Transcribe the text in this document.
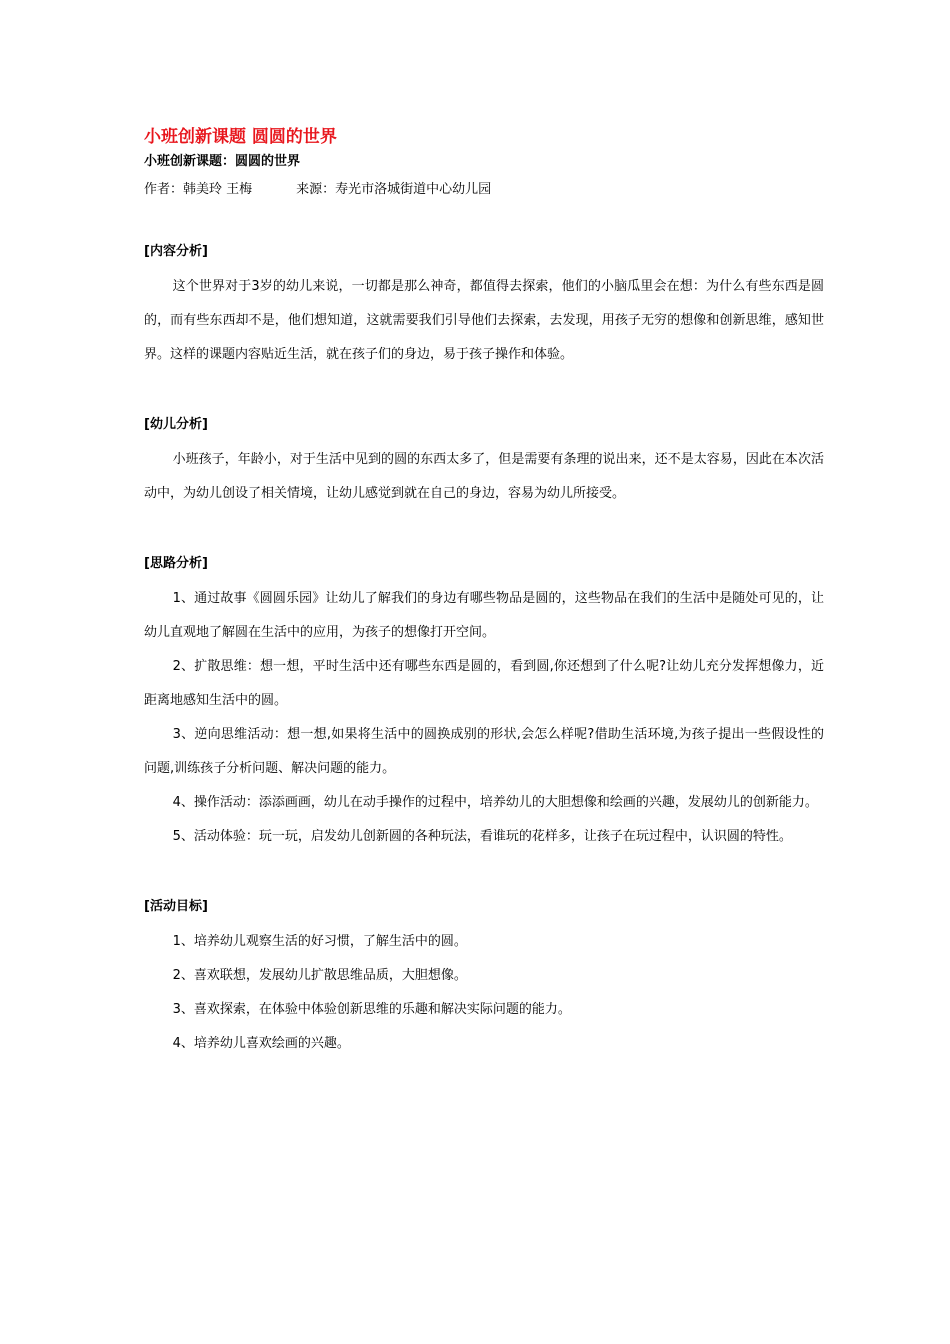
小班创新课题 圆圆的世界
小班创新课题：圆圆的世界
作者：韩美玲 王梅	来源：寿光市洛城街道中心幼儿园
[内容分析]
这个世界对于3岁的幼儿来说，一切都是那么神奇，都值得去探索，他们的小脑瓜里会在想：为什么有些东西是圆的，而有些东西却不是，他们想知道，这就需要我们引导他们去探索，去发现，用孩子无穷的想像和创新思维，感知世界。这样的课题内容贴近生活，就在孩子们的身边，易于孩子操作和体验。
[幼儿分析]
小班孩子，年龄小，对于生活中见到的圆的东西太多了，但是需要有条理的说出来，还不是太容易，因此在本次活动中，为幼儿创设了相关情境，让幼儿感觉到就在自己的身边，容易为幼儿所接受。
[思路分析]

1、通过故事《圆圆乐园》让幼儿了解我们的身边有哪些物品是圆的，这些物品在我们的生活中是随处可见的，让幼儿直观地了解圆在生活中的应用，为孩子的想像打开空间。

2、扩散思维：想一想，平时生活中还有哪些东西是圆的，看到圆,你还想到了什么呢?让幼儿充分发挥想像力，近距离地感知生活中的圆。

3、逆向思维活动：想一想,如果将生活中的圆换成别的形状,会怎么样呢?借助生活环境,为孩子提出一些假设性的问题,训练孩子分析问题、解决问题的能力。

4、操作活动：添添画画，幼儿在动手操作的过程中，培养幼儿的大胆想像和绘画的兴趣，发展幼儿的创新能力。

5、活动体验：玩一玩，启发幼儿创新圆的各种玩法，看谁玩的花样多，让孩子在玩过程中，认识圆的特性。

[活动目标]

1、培养幼儿观察生活的好习惯，了解生活中的圆。

2、喜欢联想，发展幼儿扩散思维品质，大胆想像。

3、喜欢探索，在体验中体验创新思维的乐趣和解决实际问题的能力。

4、培养幼儿喜欢绘画的兴趣。
